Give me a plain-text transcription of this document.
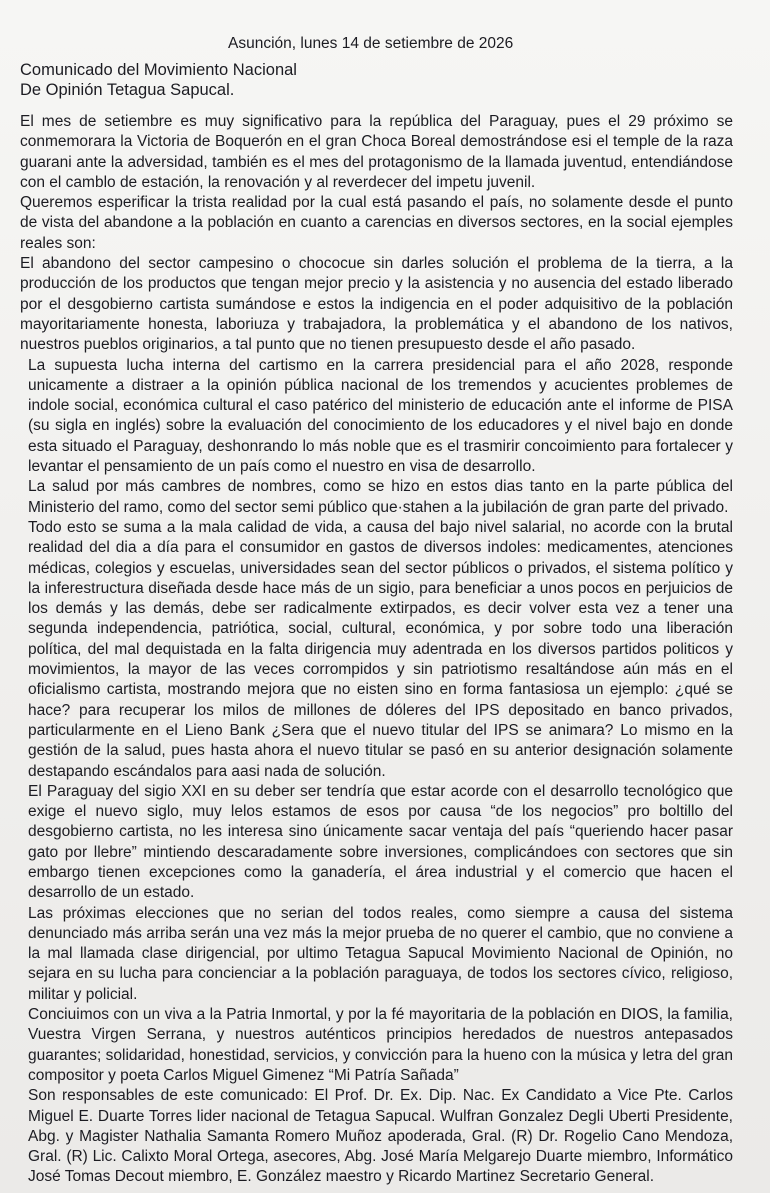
Asunción, lunes 14 de setiembre de 2026
Comunicado del Movimiento Nacional
De Opinión Tetagua Sapucal.

El mes de setiembre es muy significativo para la república del Paraguay, pues el 29 próximo se conmemorara la Victoria de Boquerón en el gran Choca Boreal demostrándose esi el temple de la raza guarani ante la adversidad, también es el mes del protagonismo de la llamada juventud, entendiándose con el camblo de estación, la renovación y al reverdecer del impetu juvenil.

Queremos esperificar la trista realidad por la cual está pasando el país, no solamente desde el punto de vista del abandone a la población en cuanto a carencias en diversos sectores, en la social ejemples reales son:

El abandono del sector campesino o chococue sin darles solución el problema de la tierra, a la producción de los productos que tengan mejor precio y la asistencia y no ausencia del estado liberado por el desgobierno cartista sumándose e estos la indigencia en el poder adquisitivo de la población mayoritariamente honesta, laboriuza y trabajadora, la problemática y el abandono de los nativos, nuestros pueblos originarios, a tal punto que no tienen presupuesto desde el año pasado.

La supuesta lucha interna del cartismo en la carrera presidencial para el año 2028, responde unicamente a distraer a la opinión pública nacional de los tremendos y acucientes problemes de indole social, económica cultural el caso patérico del ministerio de educación ante el informe de PISA (su sigla en inglés) sobre la evaluación del conocimiento de los educadores y el nivel bajo en donde esta situado el Paraguay, deshonrando lo más noble que es el trasmirir concoimiento para fortalecer y levantar el pensamiento de un país como el nuestro en visa de desarrollo.

La salud por más cambres de nombres, como se hizo en estos dias tanto en la parte pública del Ministerio del ramo, como del sector semi público que·stahen a la jubilación de gran parte del privado.

Todo esto se suma a la mala calidad de vida, a causa del bajo nivel salarial, no acorde con la brutal realidad del dia a día para el consumidor en gastos de diversos indoles: medicamentes, atenciones médicas, colegios y escuelas, universidades sean del sector públicos o privados, el sistema político y la inferestructura diseñada desde hace más de un sigio, para beneficiar a unos pocos en perjuicios de los demás y las demás, debe ser radicalmente extirpados, es decir volver esta vez a tener una segunda independencia, patriótica, social, cultural, económica, y por sobre todo una liberación política, del mal dequistada en la falta dirigencia muy adentrada en los diversos partidos politicos y movimientos, la mayor de las veces corrompidos y sin patriotismo resaltándose aún más en el oficialismo cartista, mostrando mejora que no eisten sino en forma fantasiosa un ejemplo: ¿qué se hace? para recuperar los milos de millones de dóleres del IPS depositado en banco privados, particularmente en el Lieno Bank ¿Sera que el nuevo titular del IPS se animara? Lo mismo en la gestión de la salud, pues hasta ahora el nuevo titular se pasó en su anterior designación solamente destapando escándalos para aasi nada de solución.

El Paraguay del sigio XXI en su deber ser tendría que estar acorde con el desarrollo tecnológico que exige el nuevo siglo, muy lelos estamos de esos por causa “de los negocios” pro boltillo del desgobierno cartista, no les interesa sino únicamente sacar ventaja del país “queriendo hacer pasar gato por llebre” mintiendo descaradamente sobre inversiones, complicándoes con sectores que sin embargo tienen excepciones como la ganadería, el área industrial y el comercio que hacen el desarrollo de un estado.

Las próximas elecciones que no serian del todos reales, como siempre a causa del sistema denunciado más arriba serán una vez más la mejor prueba de no querer el cambio, que no conviene a la mal llamada clase dirigencial, por ultimo Tetagua Sapucal Movimiento Nacional de Opinión, no sejara en su lucha para concienciar a la población paraguaya, de todos los sectores cívico, religioso, militar y policial.

Conciuimos con un viva a la Patria Inmortal, y por la fé mayoritaria de la población en DIOS, la familia, Vuestra Virgen Serrana, y nuestros auténticos principios heredados de nuestros antepasados guarantes; solidaridad, honestidad, servicios, y convicción para la hueno con la música y letra del gran compositor y poeta Carlos Miguel Gimenez “Mi Patría Sañada”

Son responsables de este comunicado: El Prof. Dr. Ex. Dip. Nac. Ex Candidato a Vice Pte. Carlos Miguel E. Duarte Torres lider nacional de Tetagua Sapucal. Wulfran Gonzalez Degli Uberti Presidente, Abg. y Magister Nathalia Samanta Romero Muñoz apoderada, Gral. (R) Dr. Rogelio Cano Mendoza, Gral. (R) Lic. Calixto Moral Ortega, asecores, Abg. José María Melgarejo Duarte miembro, Informático José Tomas Decout miembro, E. González maestro y Ricardo Martinez Secretario General.
